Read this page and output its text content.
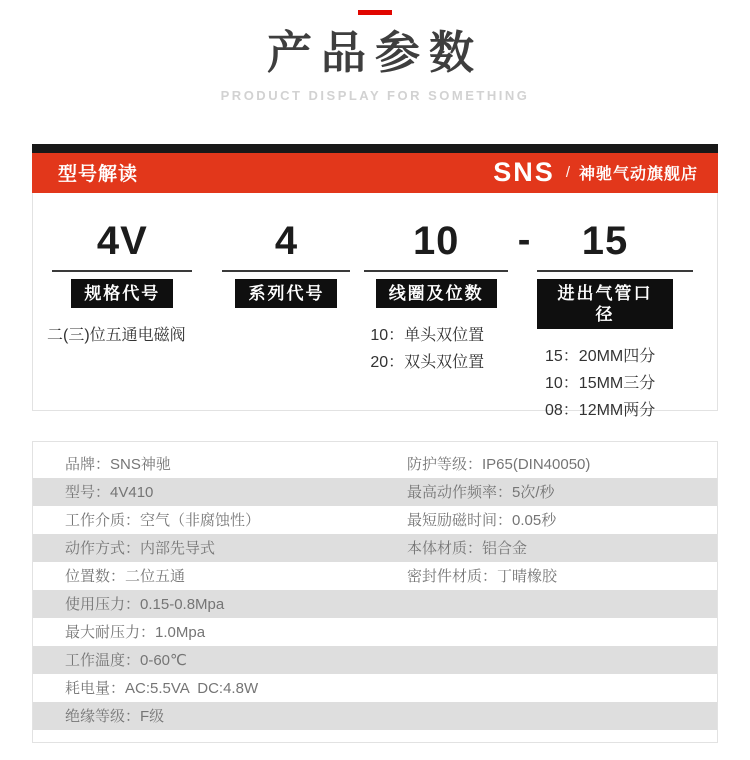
产品参数
PRODUCT DISPLAY FOR SOMETHING
型号解读	SNS / 神驰气动旗舰店
4V
规格代号
二(三)位五通电磁阀
4
系列代号
10
线圈及位数
10：单头双位置
20：双头双位置
-	15
进出气管口径
15：20MM四分
10：15MM三分
08：12MM两分
品牌：SNS神驰	防护等级：IP65(DIN40050)
型号：4V410	最高动作频率：5次/秒
工作介质：空气（非腐蚀性）	最短励磁时间：0.05秒
动作方式：内部先导式	本体材质：铝合金
位置数：二位五通	密封件材质：丁晴橡胶
使用压力：0.15-0.8Mpa
最大耐压力：1.0Mpa
工作温度：0-60℃
耗电量：AC:5.5VA  DC:4.8W
绝缘等级：F级
